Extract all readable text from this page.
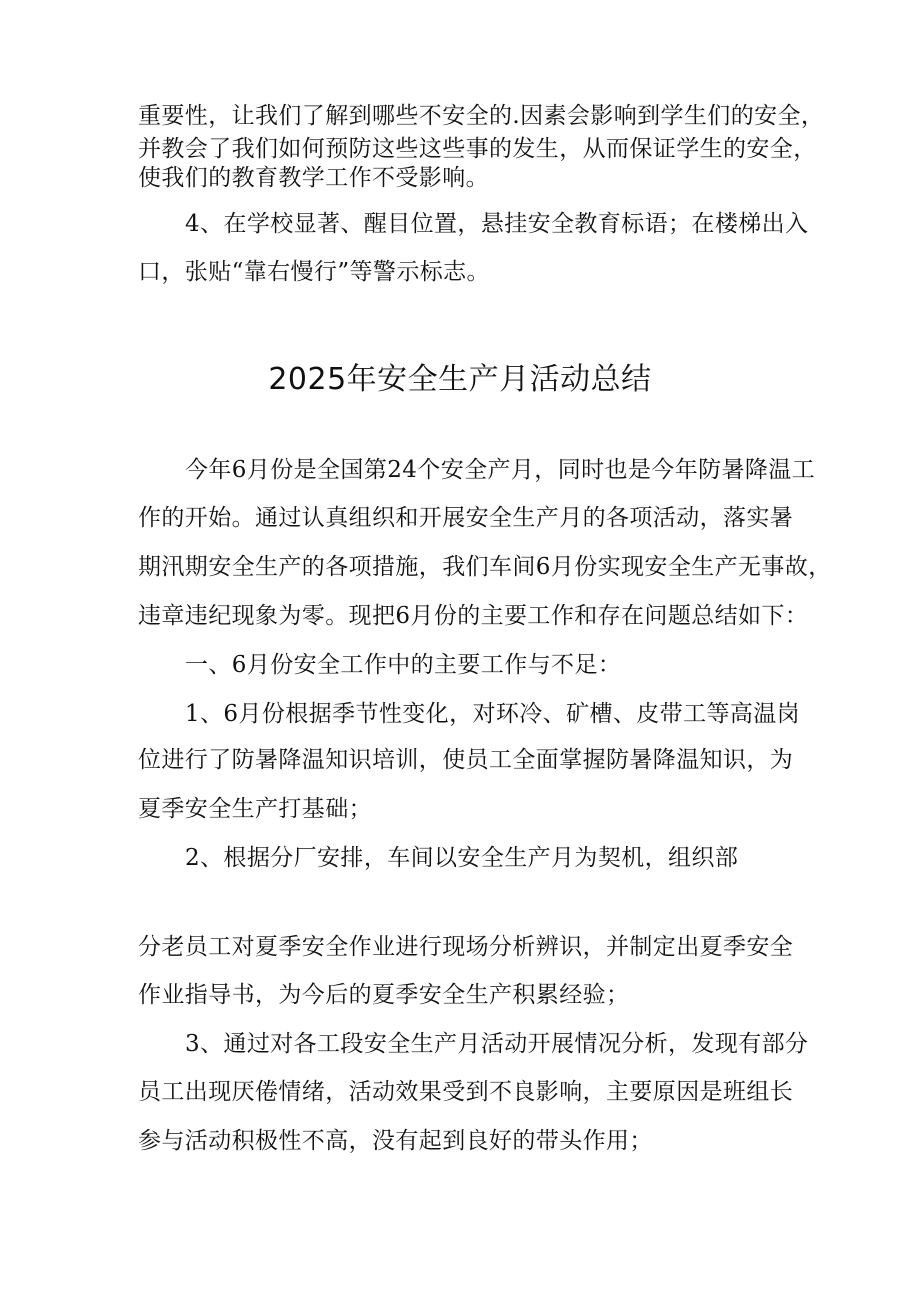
重要性，让我们了解到哪些不安全的.因素会影响到学生们的安全，
并教会了我们如何预防这些这些事的发生，从而保证学生的安全，
使我们的教育教学工作不受影响。
4、在学校显著、醒目位置，悬挂安全教育标语；在楼梯出入
口，张贴“靠右慢行”等警示标志。
2025年安全生产月活动总结
今年6月份是全国第24个安全产月，同时也是今年防暑降温工
作的开始。通过认真组织和开展安全生产月的各项活动，落实暑
期汛期安全生产的各项措施，我们车间6月份实现安全生产无事故，
违章违纪现象为零。现把6月份的主要工作和存在问题总结如下：
一、6月份安全工作中的主要工作与不足：
1、6月份根据季节性变化，对环冷、矿槽、皮带工等高温岗
位进行了防暑降温知识培训，使员工全面掌握防暑降温知识，为
夏季安全生产打基础；
2、根据分厂安排，车间以安全生产月为契机，组织部
分老员工对夏季安全作业进行现场分析辨识，并制定出夏季安全
作业指导书，为今后的夏季安全生产积累经验；
3、通过对各工段安全生产月活动开展情况分析，发现有部分
员工出现厌倦情绪，活动效果受到不良影响，主要原因是班组长
参与活动积极性不高，没有起到良好的带头作用；
